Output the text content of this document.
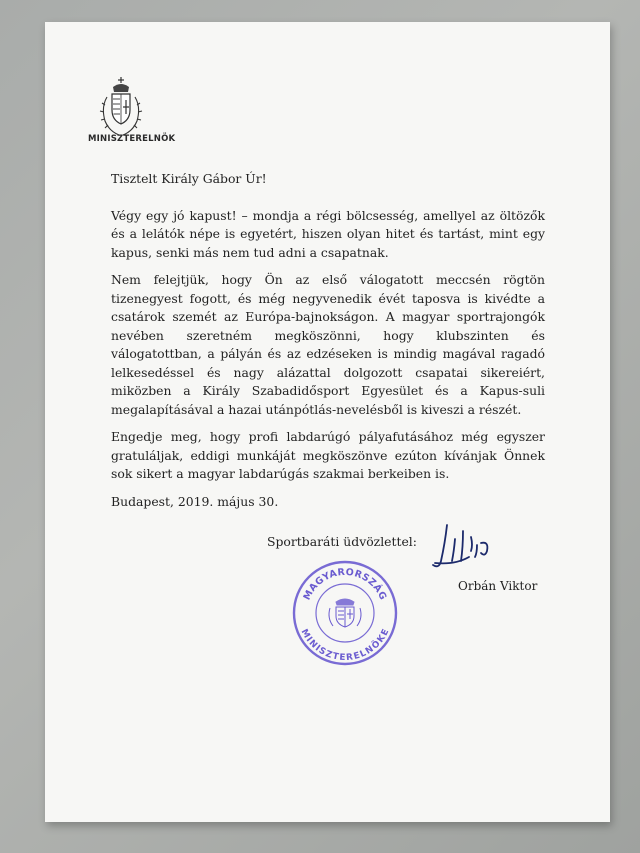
MINISZTERELNÖK

Tisztelt Király Gábor Úr!

Végy egy jó kapust! – mondja a régi bölcsesség, amellyel az öltözők és a lelátók népe is egyetért, hiszen olyan hitet és tartást, mint egy kapus, senki más nem tud adni a csapatnak.

Nem felejtjük, hogy Ön az első válogatott meccsén rögtön tizenegyest fogott, és még negyvenedik évét taposva is kivédte a csatárok szemét az Európa-bajnokságon. A magyar sportrajongók nevében szeretném megköszönni, hogy klubszinten és válogatottban, a pályán és az edzéseken is mindig magával ragadó lelkesedéssel és nagy alázattal dolgozott csapatai sikereiért, miközben a Király Szabadidősport Egyesület és a Kapus-suli megalapításával a hazai utánpótlás-nevelésből is kiveszi a részét.

Engedje meg, hogy profi labdarúgó pályafutásához még egyszer gratuláljak, eddigi munkáját megköszönve ezúton kívánjak Önnek sok sikert a magyar labdarúgás szakmai berkeiben is.

Budapest, 2019. május 30.

Sportbaráti üdvözlettel:
Orbán Viktor
MAGYARORSZÁG
MINISZTERELNÖKE
